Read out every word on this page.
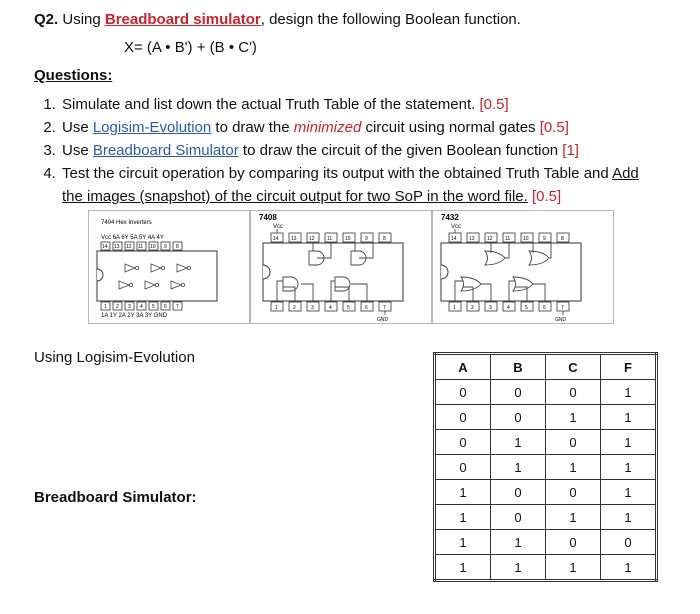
Q2. Using Breadboard simulator, design the following Boolean function.
X= (A • B') + (B • C')
Questions:
1. Simulate and list down the actual Truth Table of the statement. [0.5]
2. Use Logisim-Evolution to draw the minimized circuit using normal gates [0.5]
3. Use Breadboard Simulator to draw the circuit of the given Boolean function [1]
4. Test the circuit operation by comparing its output with the obtained Truth Table and Add
the images (snapshot) of the circuit output for two SoP in the word file. [0.5]
7404 Hex Inverters
Vcc 6A 6Y 5A 5Y 4A 4Y
14 13 12 11 10 9 8
1 2 3 4 5 6 7
1A 1Y 2A 2Y 3A 3Y GND
7408
Vcc
14 13 12 11	10	9	8
1	2	3	4	5	6	7
GND
7432
Vcc
14 13 12 11	10	9	8
1	2	3	4	5	6	7
GND
Using Logisim-Evolution
Breadboard Simulator:
A	B	C	F
0	0	0	1
0	0	1	1
0	1	0	1
0	1	1	1
1	0	0	1
1	0	1	1
1	1	0	0
1	1	1	1
